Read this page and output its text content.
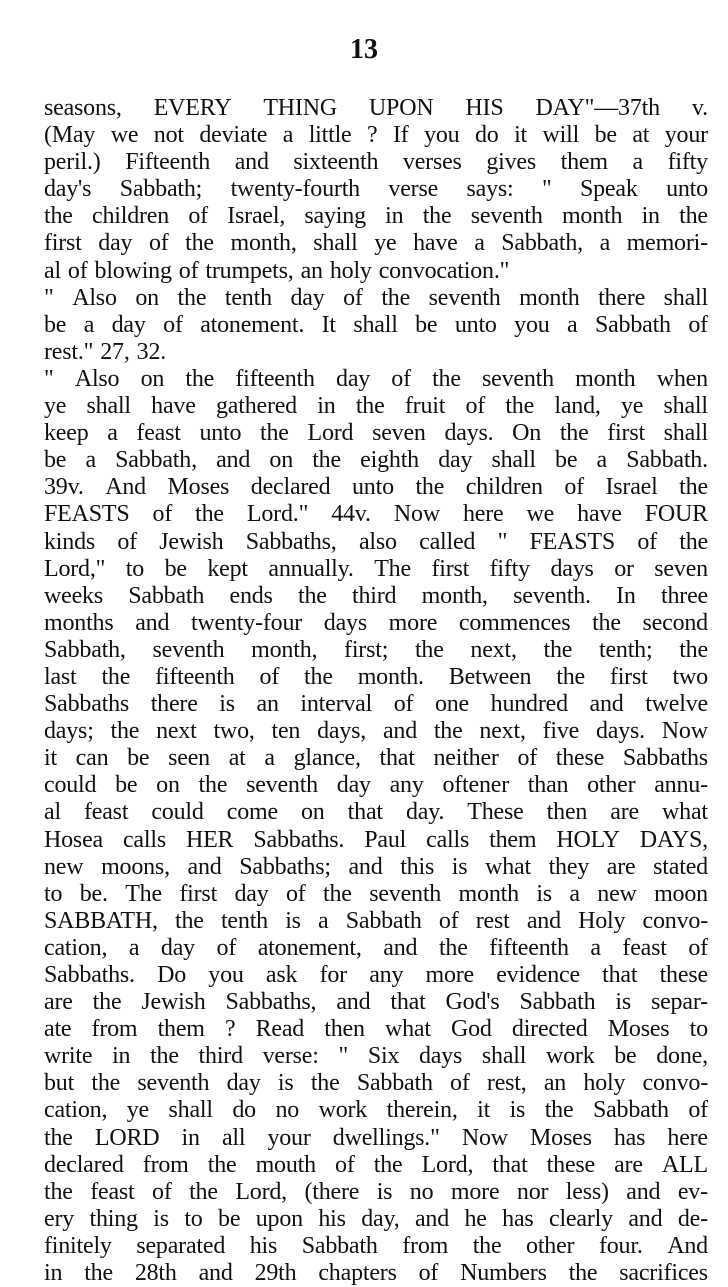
13
seasons, EVERY THING UPON HIS DAY"—37th v.
(May we not deviate a little ? If you do it will be at your
peril.) Fifteenth and sixteenth verses gives them a fifty
day's Sabbath; twenty-fourth verse says: " Speak unto
the children of Israel, saying in the seventh month in the
first day of the month, shall ye have a Sabbath, a memori-
al of blowing of trumpets, an holy convocation."
" Also on the tenth day of the seventh month there shall
be a day of atonement. It shall be unto you a Sabbath of
rest." 27, 32.
" Also on the fifteenth day of the seventh month when
ye shall have gathered in the fruit of the land, ye shall
keep a feast unto the Lord seven days. On the first shall
be a Sabbath, and on the eighth day shall be a Sabbath.
39v. And Moses declared unto the children of Israel the
FEASTS of the Lord." 44v. Now here we have FOUR
kinds of Jewish Sabbaths, also called " FEASTS of the
Lord," to be kept annually. The first fifty days or seven
weeks Sabbath ends the third month, seventh. In three
months and twenty-four days more commences the second
Sabbath, seventh month, first; the next, the tenth; the
last the fifteenth of the month. Between the first two
Sabbaths there is an interval of one hundred and twelve
days; the next two, ten days, and the next, five days. Now
it can be seen at a glance, that neither of these Sabbaths
could be on the seventh day any oftener than other annu-
al feast could come on that day. These then are what
Hosea calls HER Sabbaths. Paul calls them HOLY DAYS,
new moons, and Sabbaths; and this is what they are stated
to be. The first day of the seventh month is a new moon
SABBATH, the tenth is a Sabbath of rest and Holy convo-
cation, a day of atonement, and the fifteenth a feast of
Sabbaths. Do you ask for any more evidence that these
are the Jewish Sabbaths, and that God's Sabbath is separ-
ate from them ? Read then what God directed Moses to
write in the third verse: " Six days shall work be done,
but the seventh day is the Sabbath of rest, an holy convo-
cation, ye shall do no work therein, it is the Sabbath of
the LORD in all your dwellings." Now Moses has here
declared from the mouth of the Lord, that these are ALL
the feast of the Lord, (there is no more nor less) and ev-
ery thing is to be upon his day, and he has clearly and de-
finitely separated his Sabbath from the other four. And
in the 28th and 29th chapters of Numbers the sacrifices
